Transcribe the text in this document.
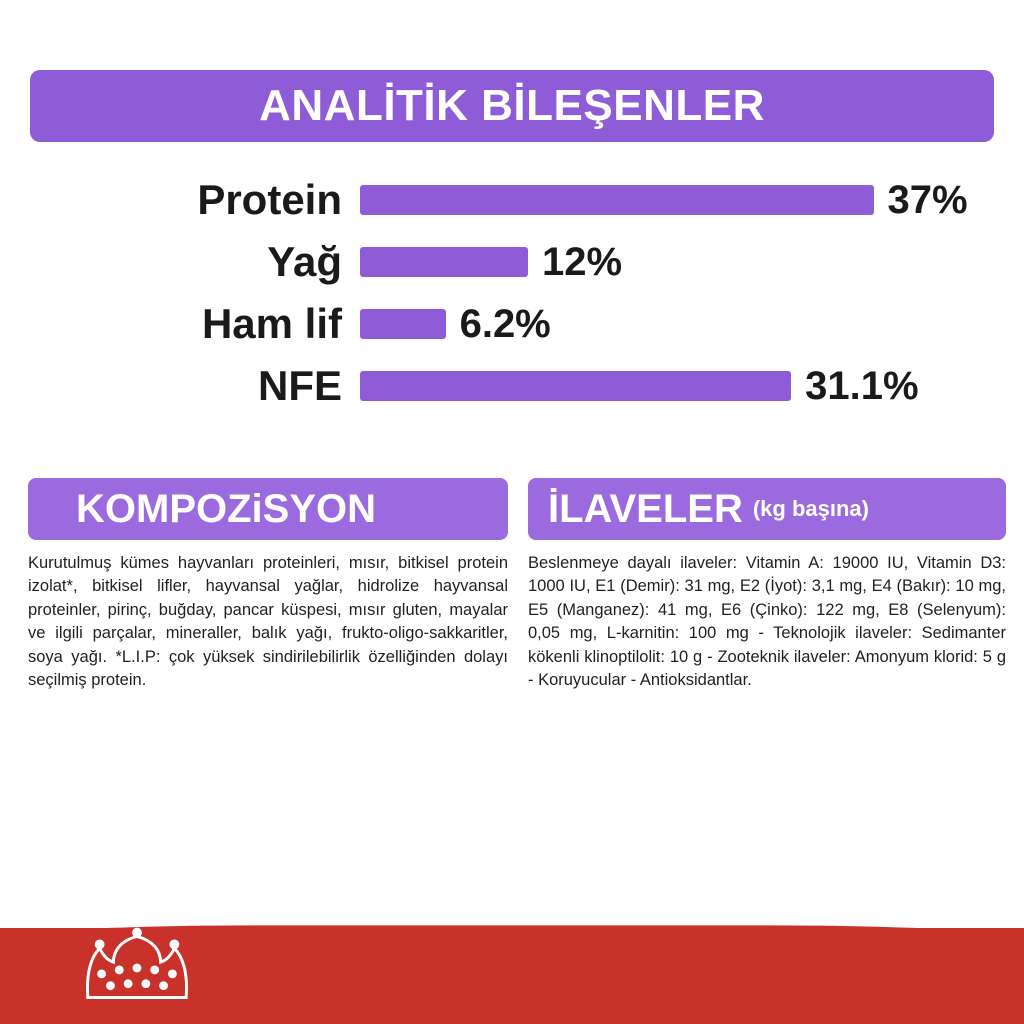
ANALİTİK BİLEŞENLER
Protein	37%
Yağ	12%
Ham lif	6.2%
NFE	31.1%
KOMPOZiSYON

Kurutulmuş kümes hayvanları proteinleri, mısır, bitkisel protein izolat*, bitkisel lifler, hayvansal yağlar, hidrolize hayvansal proteinler, pirinç, buğday, pancar küspesi, mısır gluten, mayalar ve ilgili parçalar, mineraller, balık yağı, frukto-oligo-sakkaritler, soya yağı. *L.I.P: çok yüksek sindirilebilirlik özelliğinden dolayı seçilmiş protein.

İLAVELER (kg başına)

Beslenmeye dayalı ilaveler: Vitamin A: 19000 IU, Vitamin D3: 1000 IU, E1 (Demir): 31 mg, E2 (İyot): 3,1 mg, E4 (Bakır): 10 mg, E5 (Manganez): 41 mg, E6 (Çinko): 122 mg, E8 (Selenyum): 0,05 mg, L-karnitin: 100 mg - Teknolojik ilaveler: Sedimanter kökenli klinoptilolit: 10 g - Zooteknik ilaveler: Amonyum klorid: 5 g - Koruyucular - Antioksidantlar.
